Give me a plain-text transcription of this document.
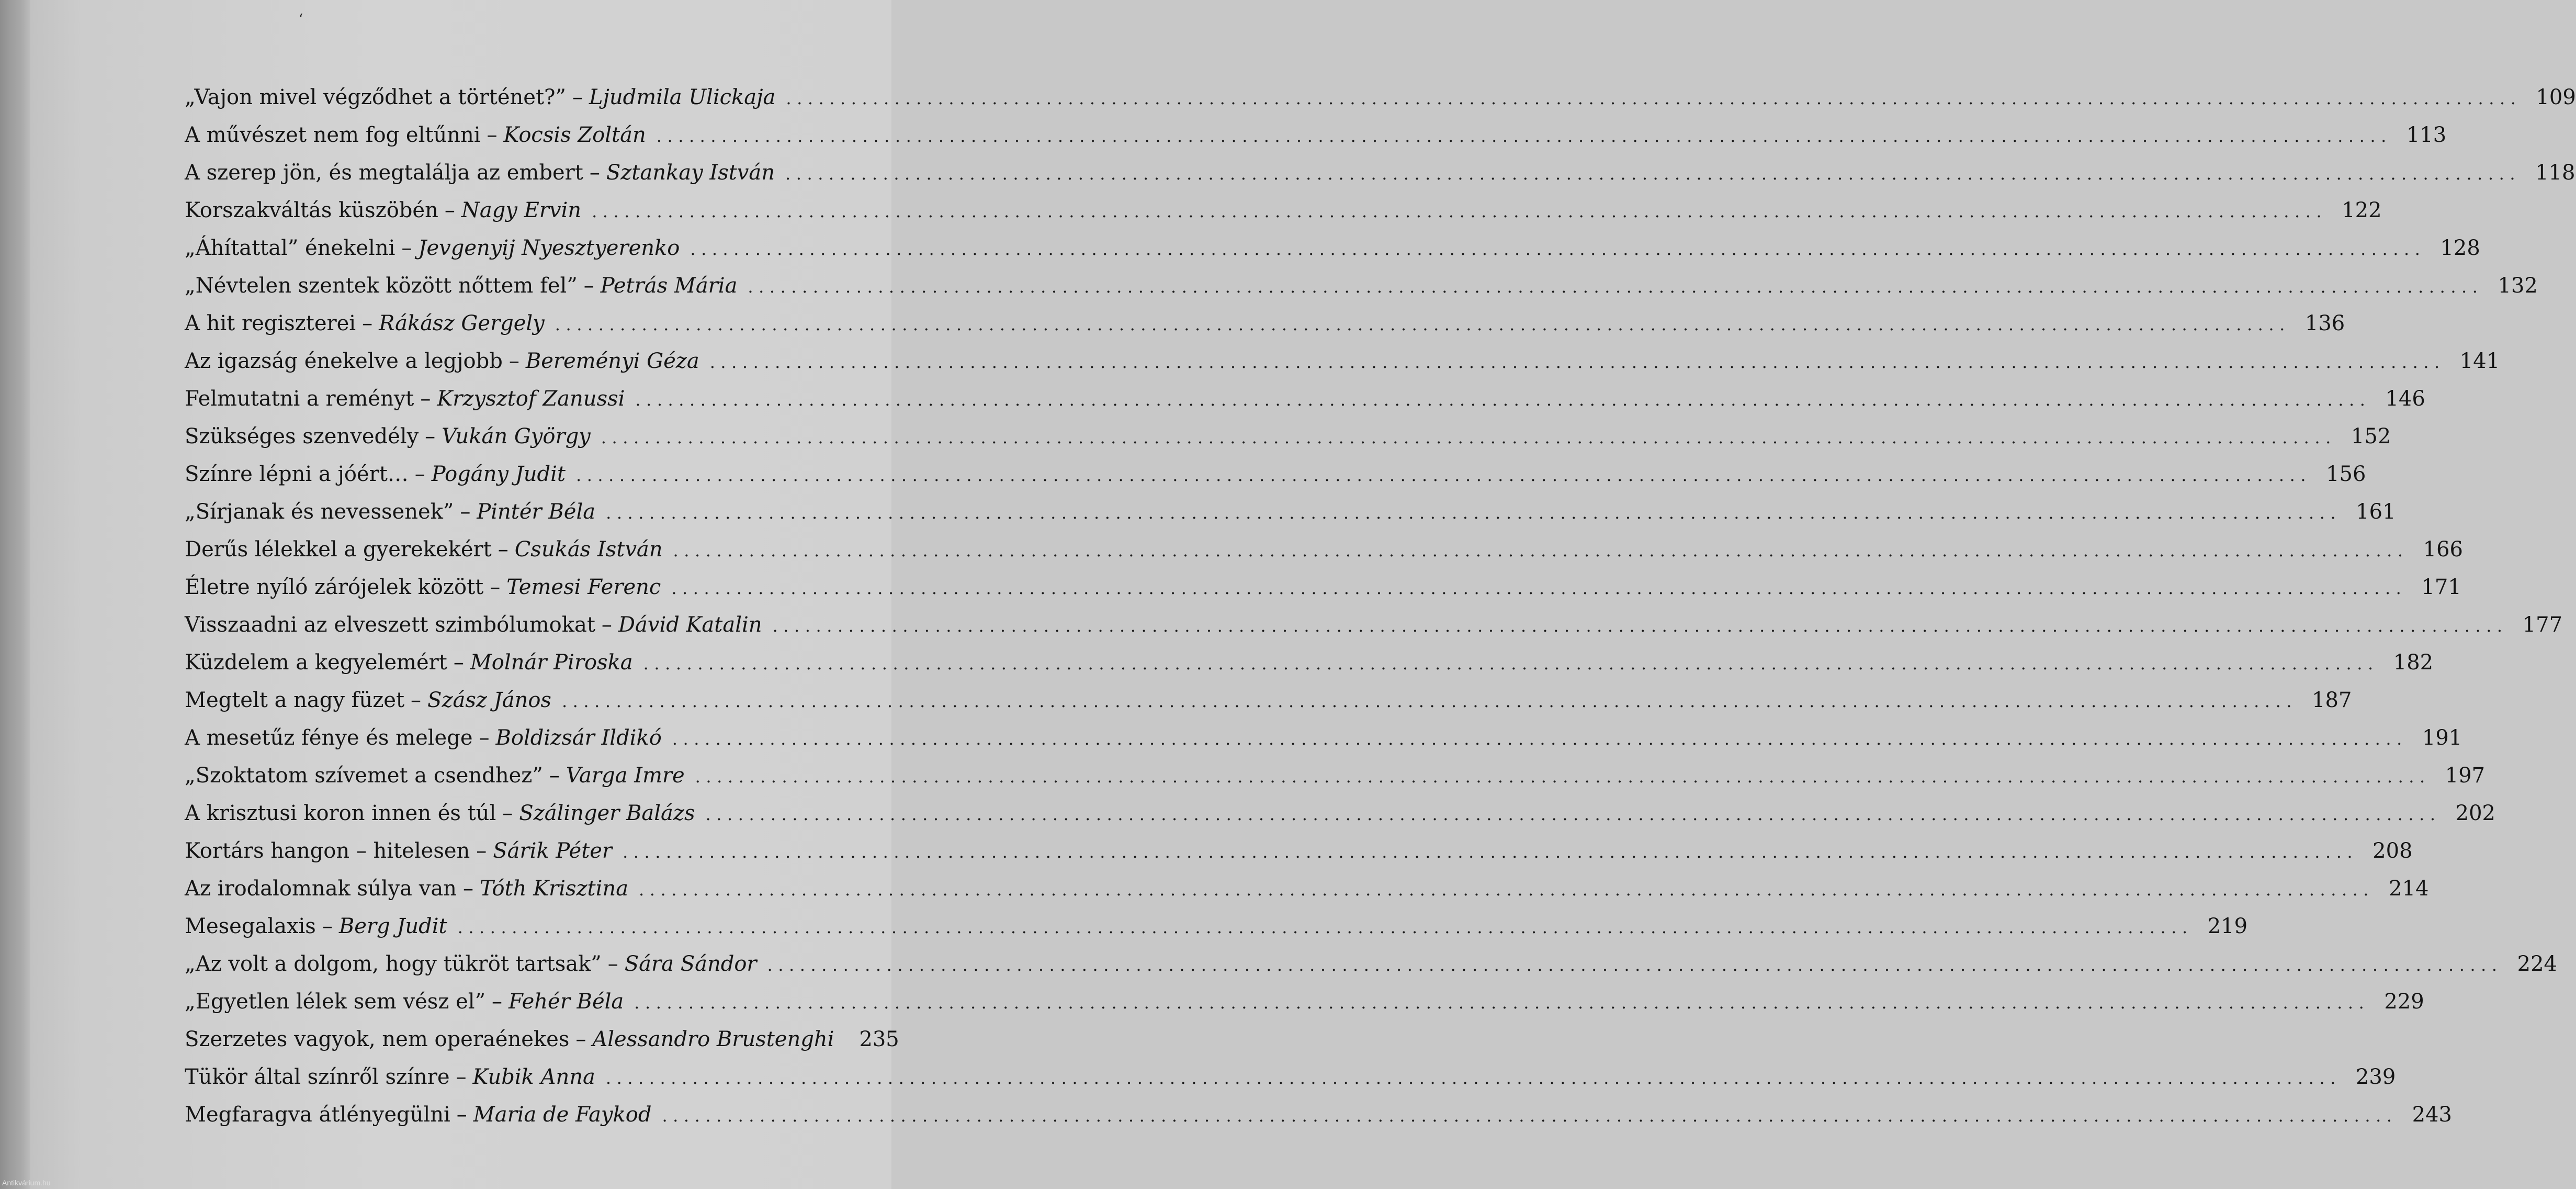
‘
„Vajon mivel végződhet a történet?” – Ljudmila Ulickaja ................................................................................................................................................................ 109
A művészet nem fog eltűnni – Kocsis Zoltán ................................................................................................................................................................ 113
A szerep jön, és megtalálja az embert – Sztankay István ................................................................................................................................................................ 118
Korszakváltás küszöbén – Nagy Ervin ................................................................................................................................................................ 122
„Áhítattal” énekelni – Jevgenyij Nyesztyerenko ................................................................................................................................................................ 128
„Névtelen szentek között nőttem fel” – Petrás Mária ................................................................................................................................................................ 132
A hit regiszterei – Rákász Gergely ................................................................................................................................................................ 136
Az igazság énekelve a legjobb – Bereményi Géza ................................................................................................................................................................ 141
Felmutatni a reményt – Krzysztof Zanussi ................................................................................................................................................................ 146
Szükséges szenvedély – Vukán György ................................................................................................................................................................ 152
Színre lépni a jóért… – Pogány Judit ................................................................................................................................................................ 156
„Sírjanak és nevessenek” – Pintér Béla ................................................................................................................................................................ 161
Derűs lélekkel a gyerekekért – Csukás István ................................................................................................................................................................ 166
Életre nyíló zárójelek között – Temesi Ferenc ................................................................................................................................................................ 171
Visszaadni az elveszett szimbólumokat – Dávid Katalin ................................................................................................................................................................ 177
Küzdelem a kegyelemért – Molnár Piroska ................................................................................................................................................................ 182
Megtelt a nagy füzet – Szász János ................................................................................................................................................................ 187
A mesetűz fénye és melege – Boldizsár Ildikó ................................................................................................................................................................ 191
„Szoktatom szívemet a csendhez” – Varga Imre ................................................................................................................................................................ 197
A krisztusi koron innen és túl – Szálinger Balázs ................................................................................................................................................................ 202
Kortárs hangon – hitelesen – Sárik Péter ................................................................................................................................................................ 208
Az irodalomnak súlya van – Tóth Krisztina ................................................................................................................................................................ 214
Mesegalaxis – Berg Judit ................................................................................................................................................................ 219
„Az volt a dolgom, hogy tükröt tartsak” – Sára Sándor ................................................................................................................................................................ 224
„Egyetlen lélek sem vész el” – Fehér Béla ................................................................................................................................................................ 229
Szerzetes vagyok, nem operaénekes – Alessandro Brustenghi 235
Tükör által színről színre – Kubik Anna ................................................................................................................................................................ 239
Megfaragva átlényegülni – Maria de Faykod ................................................................................................................................................................ 243
Antikvárium.hu
